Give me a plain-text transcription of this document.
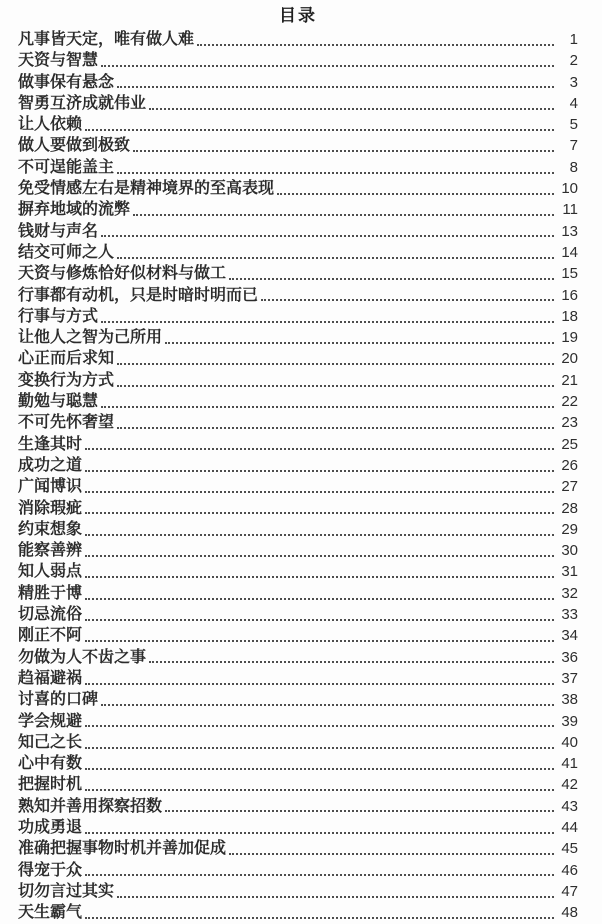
目录
凡事皆天定，唯有做人难	1
天资与智慧	2
做事保有悬念	3
智勇互济成就伟业	4
让人依赖	5
做人要做到极致	7
不可逞能盖主	8
免受情感左右是精神境界的至高表现	10
摒弃地域的流弊	11
钱财与声名	13
结交可师之人	14
天资与修炼恰好似材料与做工	15
行事都有动机，只是时暗时明而已	16
行事与方式	18
让他人之智为己所用	19
心正而后求知	20
变换行为方式	21
勤勉与聪慧	22
不可先怀奢望	23
生逢其时	25
成功之道	26
广闻博识	27
消除瑕疵	28
约束想象	29
能察善辨	30
知人弱点	31
精胜于博	32
切忌流俗	33
刚正不阿	34
勿做为人不齿之事	36
趋福避祸	37
讨喜的口碑	38
学会规避	39
知己之长	40
心中有数	41
把握时机	42
熟知并善用探察招数	43
功成勇退	44
准确把握事物时机并善加促成	45
得宠于众	46
切勿言过其实	47
天生霸气	48
